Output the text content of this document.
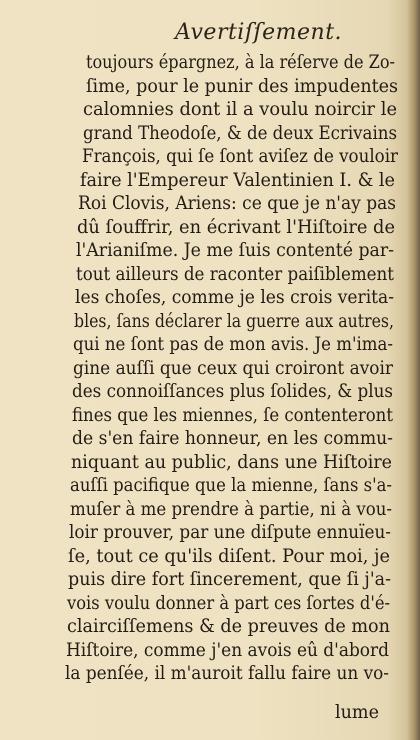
Avertiſſement.
toujours épargnez, à la réſerve de Zo-
ſime, pour le punir des impudentes
calomnies dont il a voulu noircir le
grand Theodoſe, & de deux Ecrivains
François, qui ſe ſont aviſez de vouloir
faire l'Empereur Valentinien I. & le
Roi Clovis, Ariens: ce que je n'ay pas
dû ſouffrir, en écrivant l'Hiſtoire de
l'Arianiſme. Je me ſuis contenté par-
tout ailleurs de raconter paiſiblement
les choſes, comme je les crois verita-
bles, ſans déclarer la guerre aux autres,
qui ne ſont pas de mon avis. Je m'ima-
gine auſſi que ceux qui croiront avoir
des connoiſſances plus ſolides, & plus
fines que les miennes, ſe contenteront
de s'en faire honneur, en les commu-
niquant au public, dans une Hiſtoire
auſſi pacifique que la mienne, ſans s'a-
muſer à me prendre à partie, ni à vou-
loir prouver, par une diſpute ennuïeu-
ſe, tout ce qu'ils diſent. Pour moi, je
puis dire fort ſincerement, que ſi j'a-
vois voulu donner à part ces ſortes d'é-
clairciſſemens & de preuves de mon
Hiſtoire, comme j'en avois eû d'abord
la penſée, il m'auroit fallu faire un vo-
lume
